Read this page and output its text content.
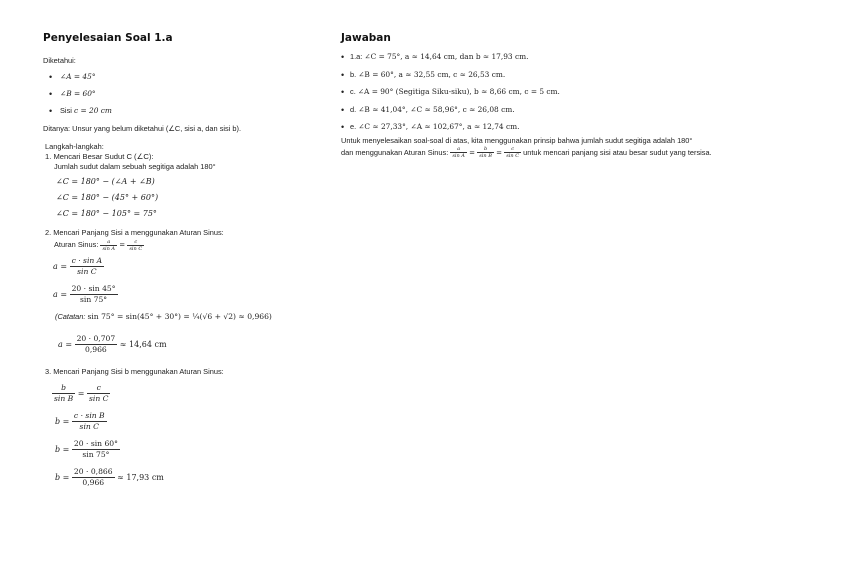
Penyelesaian Soal 1.a

Diketahui:

• ∠A = 45°
• ∠B = 60°
• Sisi c = 20 cm

Ditanya: Unsur yang belum diketahui (∠C, sisi a, dan sisi b).

Langkah-langkah:

1. Mencari Besar Sudut C (∠C):

Jumlah sudut dalam sebuah segitiga adalah 180°

∠C = 180° − (∠A + ∠B)
∠C = 180° − (45° + 60°)
∠C = 180° − 105° = 75°

2. Mencari Panjang Sisi a menggunakan Aturan Sinus:

Aturan Sinus:
$\frac{a}{\text{sin A}} = \frac{c}{\text{sin C}}$
a =
$\frac{\text{c · sin A}}{\text{sin C}}$
a =
$\frac{20 \cdot \sin 45^\circ}{\sin 75^\circ}$
(Catatan: sin 75° = sin(45° + 30°) = ¼(√6 + √2) ≈ 0,966)
a =
$\frac{20 \cdot 0,707}{0,966}$
≈ 14,64 cm

3. Mencari Panjang Sisi b menggunakan Aturan Sinus:

$\frac{b}{\text{sin B}} = \frac{c}{\text{sin C}}$
b =
$\frac{\text{c · sin B}}{\text{sin C}}$
b =
$\frac{20 \cdot \sin 60^\circ}{\sin 75^\circ}$
b =
$\frac{20 \cdot 0,866}{0,966}$
≈ 17,93 cm
Jawaban
• 1.a: ∠C = 75°, a ≈ 14,64 cm, dan b ≈ 17,93 cm.
• b. ∠B = 60°, a ≈ 32,55 cm, c ≈ 26,53 cm.
• c. ∠A = 90° (Segitiga Siku-siku), b ≈ 8,66 cm, c = 5 cm.
• d. ∠B ≈ 41,04°, ∠C ≈ 58,96°, c ≈ 26,08 cm.
• e. ∠C ≈ 27,33°, ∠A ≈ 102,67°, a ≈ 12,74 cm.

Untuk menyelesaikan soal-soal di atas, kita menggunakan prinsip bahwa jumlah sudut segitiga adalah 180°

dan menggunakan Aturan Sinus:
$\frac{a}{\text{sin A}} = \frac{b}{\text{sin B}} = \frac{c}{\text{sin C}}$
untuk mencari panjang sisi atau besar sudut yang tersisa.
